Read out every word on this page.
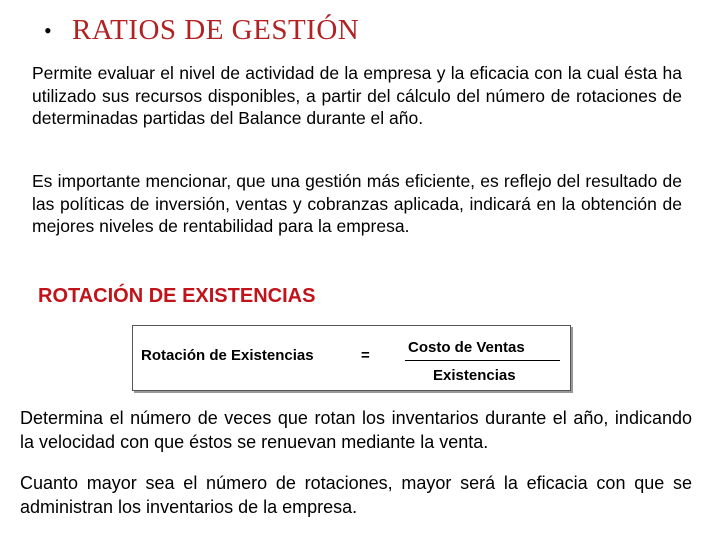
• RATIOS DE GESTIÓN

Permite evaluar el nivel de actividad de la empresa y la eficacia con la cual ésta ha utilizado sus recursos disponibles, a partir del cálculo del número de rotaciones de determinadas partidas del Balance durante el año.

Es importante mencionar, que una gestión más eficiente, es reflejo del resultado de las políticas de inversión, ventas y cobranzas aplicada, indicará en la obtención de mejores niveles de rentabilidad para la empresa.

ROTACIÓN DE EXISTENCIAS
Rotación de Existencias	=	Costo de Ventas
Existencias

Determina el número de veces que rotan los inventarios durante el año, indicando la velocidad con que éstos se renuevan mediante la venta.

Cuanto mayor sea el número de rotaciones, mayor será la eficacia con que se administran los inventarios de la empresa.
